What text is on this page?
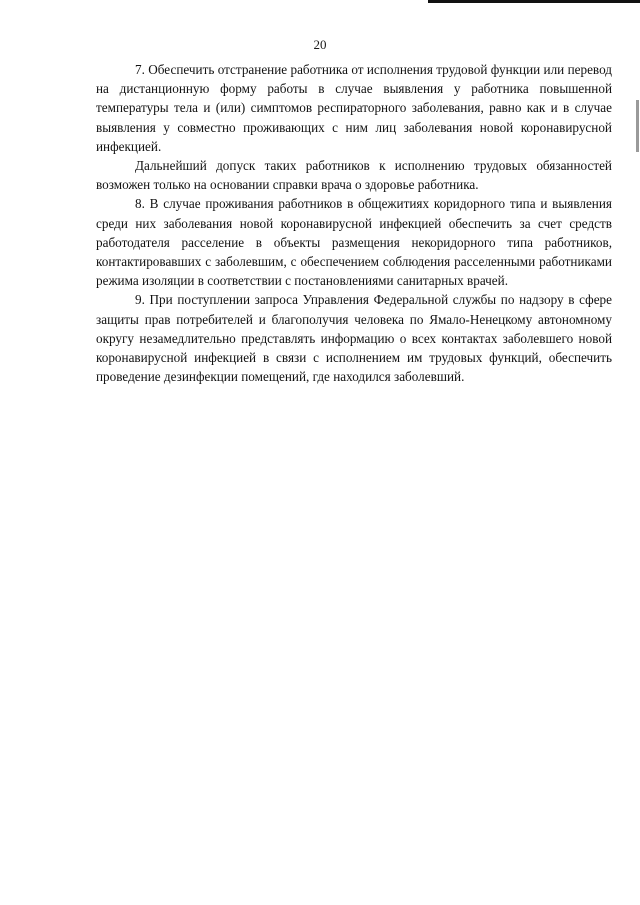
20

7. Обеспечить отстранение работника от исполнения трудовой функции или перевод на дистанционную форму работы в случае выявления у работника повышенной температуры тела и (или) симптомов респираторного заболевания, равно как и в случае выявления у совместно проживающих с ним лиц заболевания новой коронавирусной инфекцией.

Дальнейший допуск таких работников к исполнению трудовых обязанностей возможен только на основании справки врача о здоровье работника.

8. В случае проживания работников в общежитиях коридорного типа и выявления среди них заболевания новой коронавирусной инфекцией обеспечить за счет средств работодателя расселение в объекты размещения некоридорного типа работников, контактировавших с заболевшим, с обеспечением соблюдения расселенными работниками режима изоляции в соответствии с постановлениями санитарных врачей.

9. При поступлении запроса Управления Федеральной службы по надзору в сфере защиты прав потребителей и благополучия человека по Ямало-Ненецкому автономному округу незамедлительно представлять информацию о всех контактах заболевшего новой коронавирусной инфекцией в связи с исполнением им трудовых функций, обеспечить проведение дезинфекции помещений, где находился заболевший.
